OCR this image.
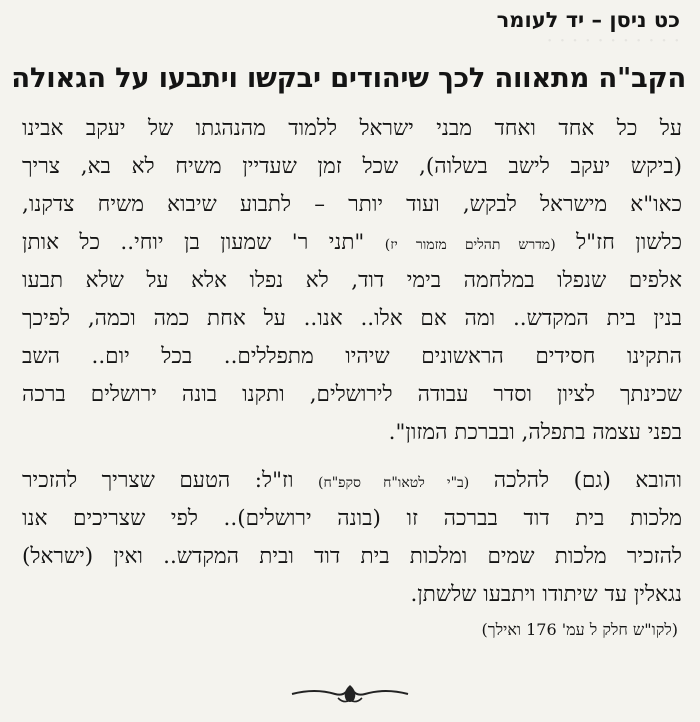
· · · · · · · · · · ·
כט ניסן – יד לעומר
הקב"ה מתאווה לכך שיהודים יבקשו ויתבעו על הגאולה
על כל אחד ואחד מבני ישראל ללמוד מהנהגתו של יעקב אבינו
(ביקש יעקב לישב בשלוה), שכל זמן שעדיין משיח לא בא, צריך
כאו"א מישראל לבקש, ועוד יותר – לתבוע שיבוא משיח צדקנו,
כלשון חז"ל (מדרש תהלים מזמור יז) "תני ר' שמעון בן יוחי.. כל אותן
אלפים שנפלו במלחמה בימי דוד, לא נפלו אלא על שלא תבעו
בנין בית המקדש.. ומה אם אלו.. אנו.. על אחת כמה וכמה, לפיכך
התקינו חסידים הראשונים שיהיו מתפללים.. בכל יום.. השב
שכינתך לציון וסדר עבודה לירושלים, ותקנו בונה ירושלים ברכה
בפני עצמה בתפלה, ובברכת המזון".
והובא (גם) להלכה (ב"י לטאו"ח סקפ"ח) וז"ל: הטעם שצריך להזכיר
מלכות בית דוד בברכה זו (בונה ירושלים).. לפי שצריכים אנו
להזכיר מלכות שמים ומלכות בית דוד ובית המקדש.. ואין (ישראל)
נגאלין עד שיתודו ויתבעו שלשתן.
(לקו"ש חלק ל עמ' 176 ואילך)
